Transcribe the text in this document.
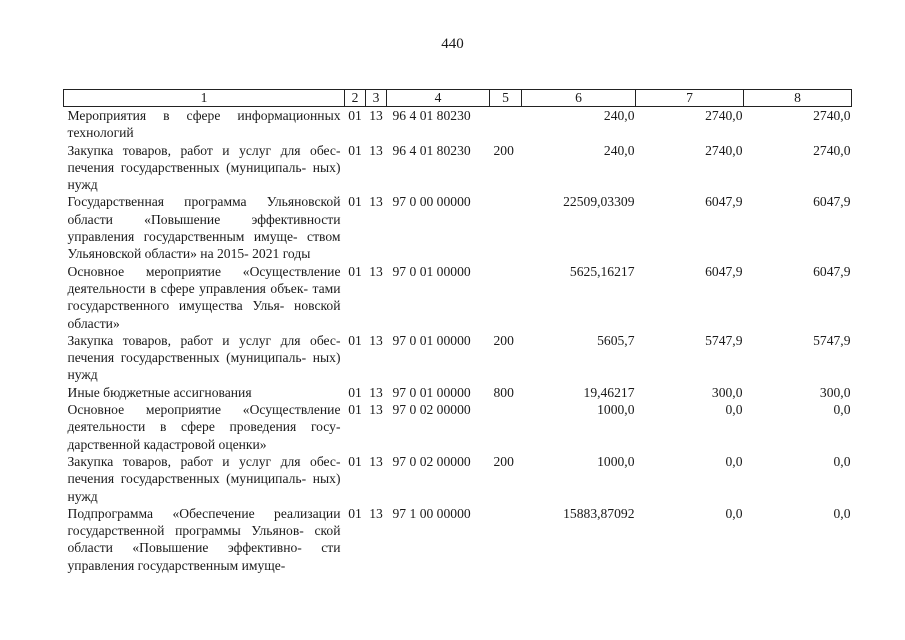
440
1	2	3	4	5	6	7	8
Мероприятия в сфере информационных технологий	01	13	96 4 01 80230		240,0	2740,0	2740,0
Закупка товаров, работ и услуг для обес- печения государственных (муниципаль- ных) нужд	01	13	96 4 01 80230	200	240,0	2740,0	2740,0
Государственная программа Ульяновской области «Повышение эффективности управления государственным имуще- ством Ульяновской области» на 2015- 2021 годы	01	13	97 0 00 00000		22509,03309	6047,9	6047,9
Основное мероприятие «Осуществление деятельности в сфере управления объек- тами государственного имущества Улья- новской области»	01	13	97 0 01 00000		5625,16217	6047,9	6047,9
Закупка товаров, работ и услуг для обес- печения государственных (муниципаль- ных) нужд	01	13	97 0 01 00000	200	5605,7	5747,9	5747,9
Иные бюджетные ассигнования	01	13	97 0 01 00000	800	19,46217	300,0	300,0
Основное мероприятие «Осуществление деятельности в сфере проведения госу- дарственной кадастровой оценки»	01	13	97 0 02 00000		1000,0	0,0	0,0
Закупка товаров, работ и услуг для обес- печения государственных (муниципаль- ных) нужд	01	13	97 0 02 00000	200	1000,0	0,0	0,0
Подпрограмма «Обеспечение реализации государственной программы Ульянов- ской области «Повышение эффективно- сти управления государственным имуще-	01	13	97 1 00 00000		15883,87092	0,0	0,0
